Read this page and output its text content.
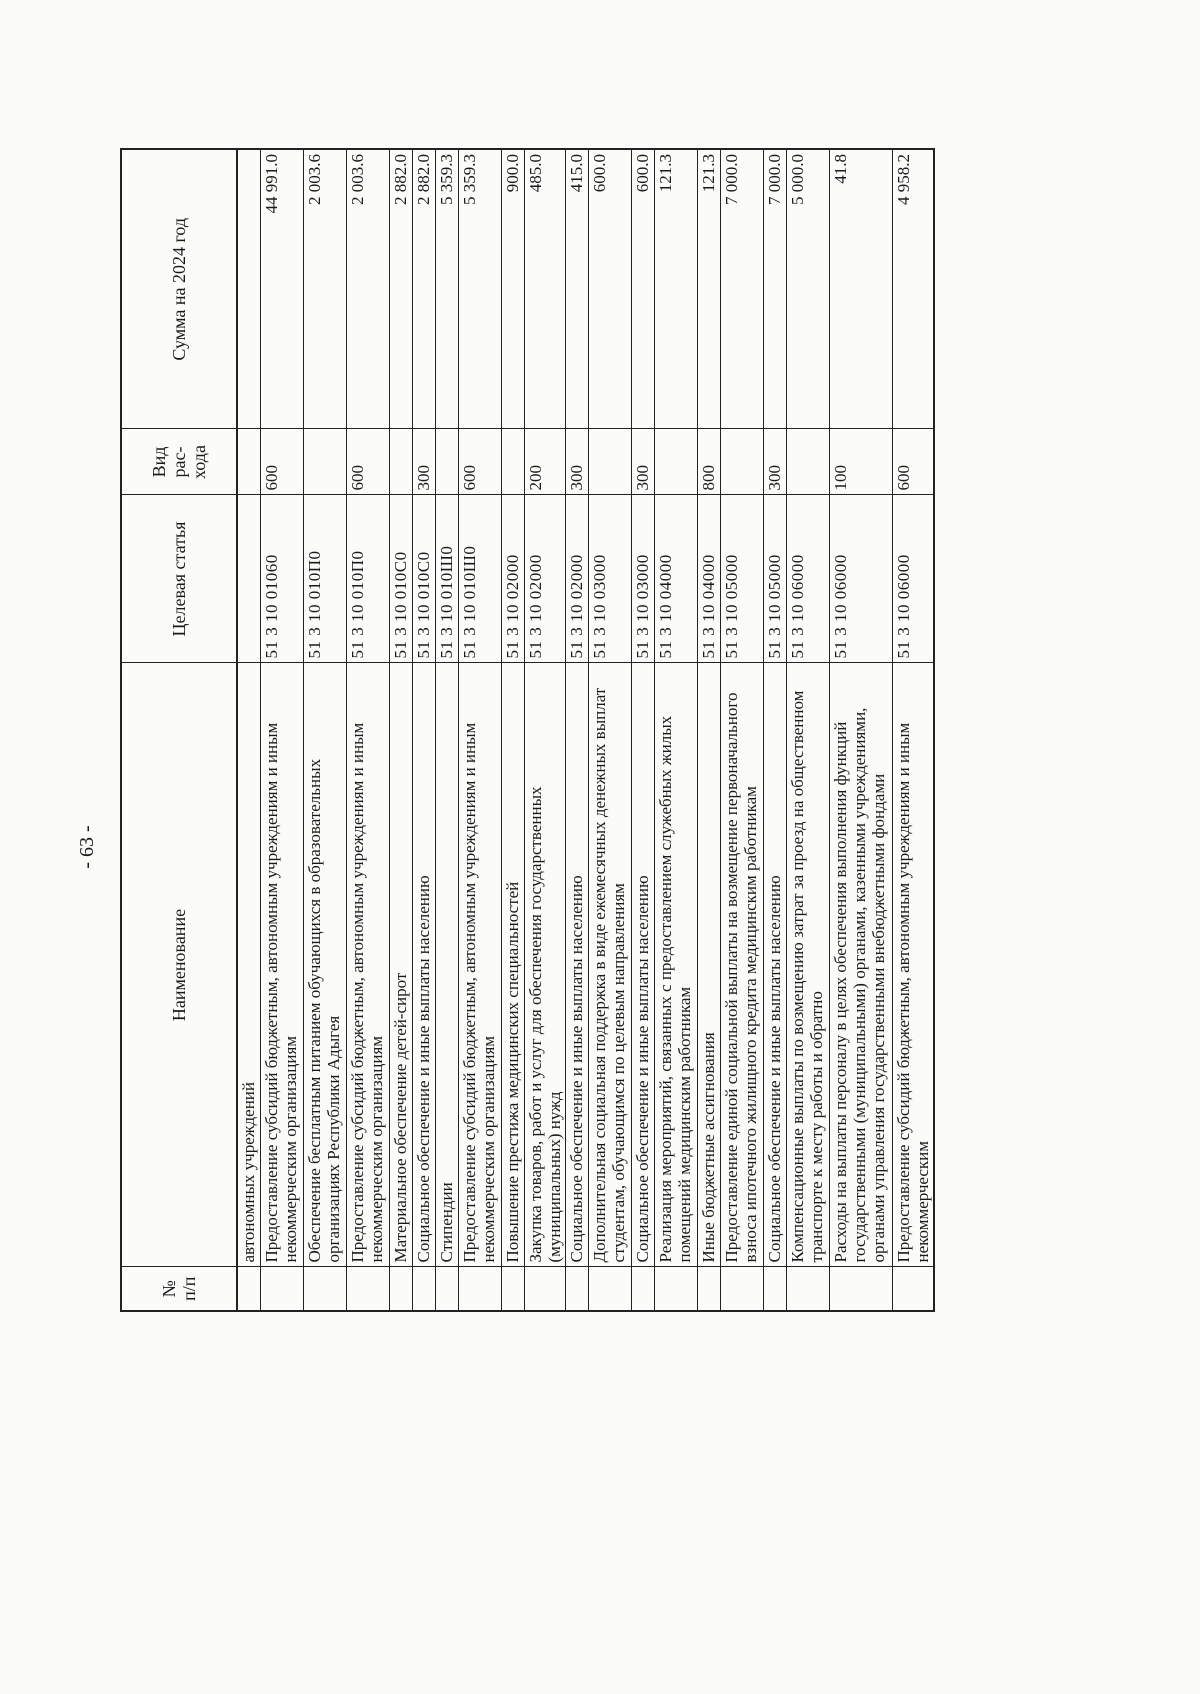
- 63 -
№ п/п	Наименование	Целевая статья	Вид рас- хода	Сумма на 2024 год
	автономных учреждений			
	Предоставление субсидий бюджетным, автономным учреждениям и иным некоммерческим организациям	51 3 10 01060	600	44 991.0
	Обеспечение бесплатным питанием обучающихся в образовательных организациях Республики Адыгея	51 3 10 010П0		2 003.6
	Предоставление субсидий бюджетным, автономным учреждениям и иным некоммерческим организациям	51 3 10 010П0	600	2 003.6
	Материальное обеспечение детей-сирот	51 3 10 010С0		2 882.0
	Социальное обеспечение и иные выплаты населению	51 3 10 010С0	300	2 882.0
	Стипендии	51 3 10 010Ш0		5 359.3
	Предоставление субсидий бюджетным, автономным учреждениям и иным некоммерческим организациям	51 3 10 010Ш0	600	5 359.3
	Повышение престижа медицинских специальностей	51 3 10 02000		900.0
	Закупка товаров, работ и услуг для обеспечения государственных (муниципальных) нужд	51 3 10 02000	200	485.0
	Социальное обеспечение и иные выплаты населению	51 3 10 02000	300	415.0
	Дополнительная социальная поддержка в виде ежемесячных денежных выплат студентам, обучающимся по целевым направлениям	51 3 10 03000		600.0
	Социальное обеспечение и иные выплаты населению	51 3 10 03000	300	600.0
	Реализация мероприятий, связанных с предоставлением служебных жилых помещений медицинским работникам	51 3 10 04000		121.3
	Иные бюджетные ассигнования	51 3 10 04000	800	121.3
	Предоставление единой социальной выплаты на возмещение первоначального взноса ипотечного жилищного кредита медицинским работникам	51 3 10 05000		7 000.0
	Социальное обеспечение и иные выплаты населению	51 3 10 05000	300	7 000.0
	Компенсационные выплаты по возмещению затрат за проезд на общественном транспорте к месту работы и обратно	51 3 10 06000		5 000.0
	Расходы на выплаты персоналу в целях обеспечения выполнения функций государственными (муниципальными) органами, казенными учреждениями, органами управления государственными внебюджетными фондами	51 3 10 06000	100	41.8
	Предоставление субсидий бюджетным, автономным учреждениям и иным некоммерческим	51 3 10 06000	600	4 958.2
